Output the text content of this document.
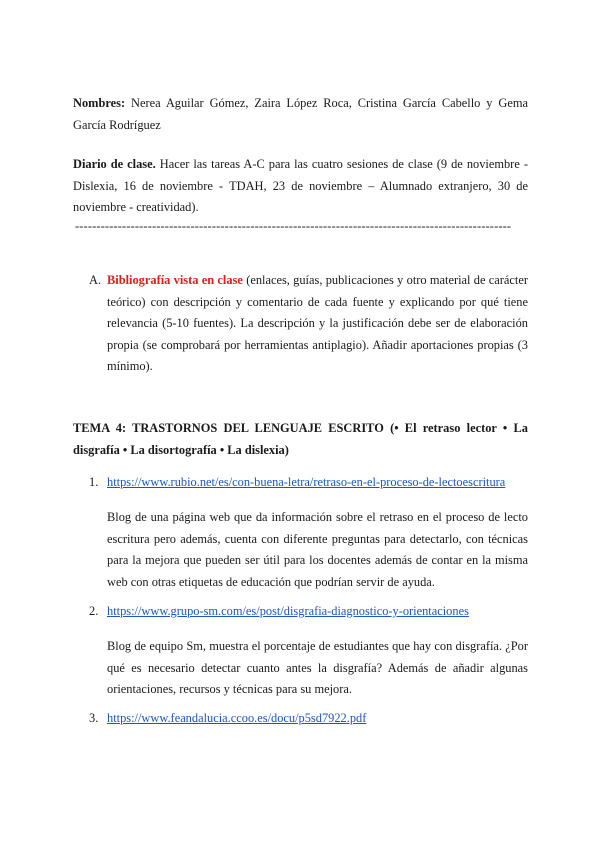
Nombres: Nerea Aguilar Gómez, Zaira López Roca, Cristina García Cabello y Gema García Rodríguez

Diario de clase. Hacer las tareas A-C para las cuatro sesiones de clase (9 de noviembre - Dislexia, 16 de noviembre - TDAH, 23 de noviembre – Alumnado extranjero, 30 de noviembre - creatividad).

------------------------------------------------------------------------------------------------------
A. Bibliografía vista en clase (enlaces, guías, publicaciones y otro material de carácter teórico) con descripción y comentario de cada fuente y explicando por qué tiene relevancia (5-10 fuentes). La descripción y la justificación debe ser de elaboración propia (se comprobará por herramientas antiplagio). Añadir aportaciones propias (3 mínimo).

TEMA 4: TRASTORNOS DEL LENGUAJE ESCRITO (• El retraso lector • La disgrafía • La disortografía • La dislexia)

1. https://www.rubio.net/es/con-buena-letra/retraso-en-el-proceso-de-lectoescritura

Blog de una página web que da información sobre el retraso en el proceso de lecto escritura pero además, cuenta con diferente preguntas para detectarlo, con técnicas para la mejora que pueden ser útil para los docentes además de contar en la misma web con otras etiquetas de educación que podrían servir de ayuda.

2. https://www.grupo-sm.com/es/post/disgrafia-diagnostico-y-orientaciones

Blog de equipo Sm, muestra el porcentaje de estudiantes que hay con disgrafía. ¿Por qué es necesario detectar cuanto antes la disgrafía? Además de añadir algunas orientaciones, recursos y técnicas para su mejora.

3. https://www.feandalucia.ccoo.es/docu/p5sd7922.pdf
